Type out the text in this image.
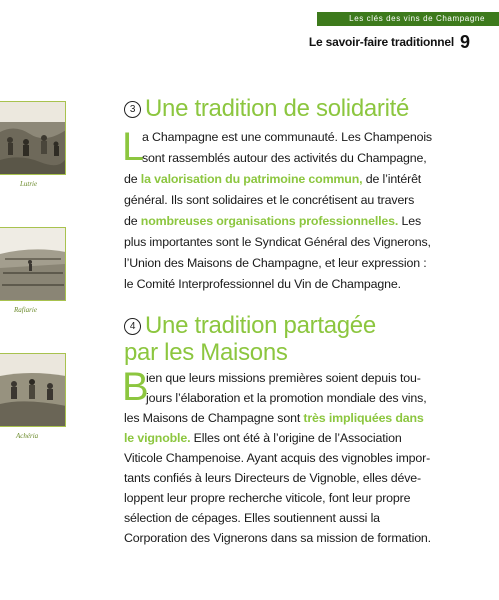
Les clés des vins de Champagne
Le savoir-faire traditionnel 9
Lutrie
Rafiarie
Achéria
3 Une tradition de solidarité
L
a Champagne est une communauté. Les Champenois
sont rassemblés autour des activités du Champagne,
de la valorisation du patrimoine commun, de l’intérêt
général. Ils sont solidaires et le concrétisent au travers
de nombreuses organisations professionnelles. Les
plus importantes sont le Syndicat Général des Vignerons,
l’Union des Maisons de Champagne, et leur expression :
le Comité Interprofessionnel du Vin de Champagne.
4 Une tradition partagée
par les Maisons
B
ien que leurs missions premières soient depuis tou-
jours l’élaboration et la promotion mondiale des vins,
les Maisons de Champagne sont très impliquées dans
le vignoble. Elles ont été à l’origine de l’Association
Viticole Champenoise. Ayant acquis des vignobles impor-
tants confiés à leurs Directeurs de Vignoble, elles déve-
loppent leur propre recherche viticole, font leur propre
sélection de cépages. Elles soutiennent aussi la
Corporation des Vignerons dans sa mission de formation.
